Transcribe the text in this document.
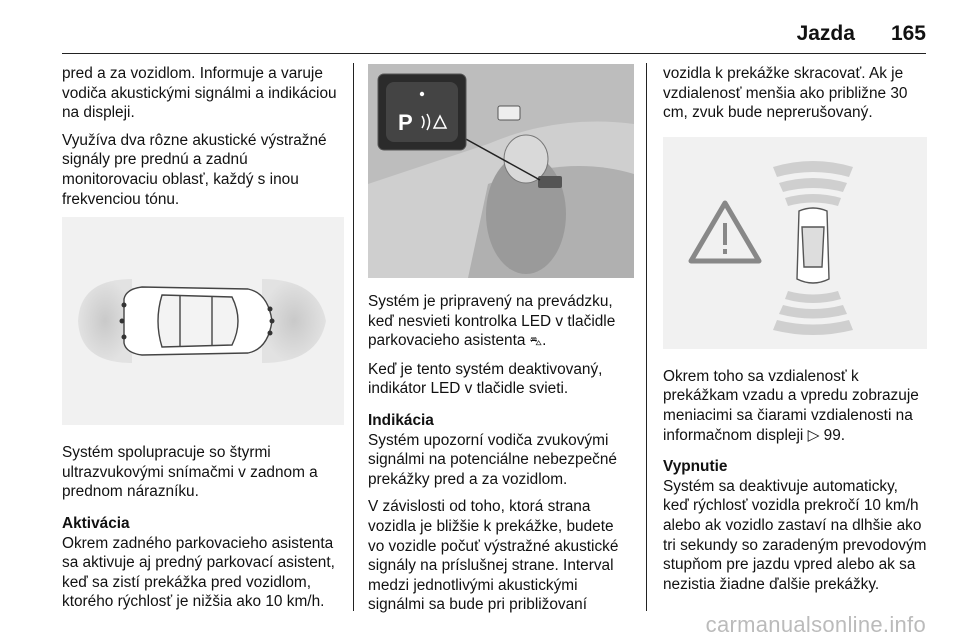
Jazda 165

pred a za vozidlom. Informuje a varuje vodiča akustickými signálmi a indikáciou na displeji.

Využíva dva rôzne akustické výstražné signály pre prednú a zadnú monitorovaciu oblasť, každý s inou frekvenciou tónu.

Systém spolupracuje so štyrmi ultrazvukovými snímačmi v zadnom a prednom nárazníku.

Aktivácia

Okrem zadného parkovacieho asistenta sa aktivuje aj predný parkovací asistent, keď sa zistí prekážka pred vozidlom, ktorého rýchlosť je nižšia ako 10 km/h.

P

Systém je pripravený na prevádzku, keď nesvieti kontrolka LED v tlačidle parkovacieho asistenta ⛍.

Keď je tento systém deaktivovaný, indikátor LED v tlačidle svieti.

Indikácia

Systém upozorní vodiča zvukovými signálmi na potenciálne nebezpečné prekážky pred a za vozidlom.

V závislosti od toho, ktorá strana vozidla je bližšie k prekážke, budete vo vozidle počuť výstražné akustické signály na príslušnej strane. Interval medzi jednotlivými akustickými signálmi sa bude pri približovaní

vozidla k prekážke skracovať. Ak je vzdialenosť menšia ako približne 30 cm, zvuk bude neprerušovaný.

Okrem toho sa vzdialenosť k prekážkam vzadu a vpredu zobrazuje meniacimi sa čiarami vzdialenosti na informačnom displeji ▷ 99.

Vypnutie

Systém sa deaktivuje automaticky, keď rýchlosť vozidla prekročí 10 km/h alebo ak vozidlo zastaví na dlhšie ako tri sekundy so zaradeným prevodovým stupňom pre jazdu vpred alebo ak sa nezistia žiadne ďalšie prekážky.

carmanualsonline.info
